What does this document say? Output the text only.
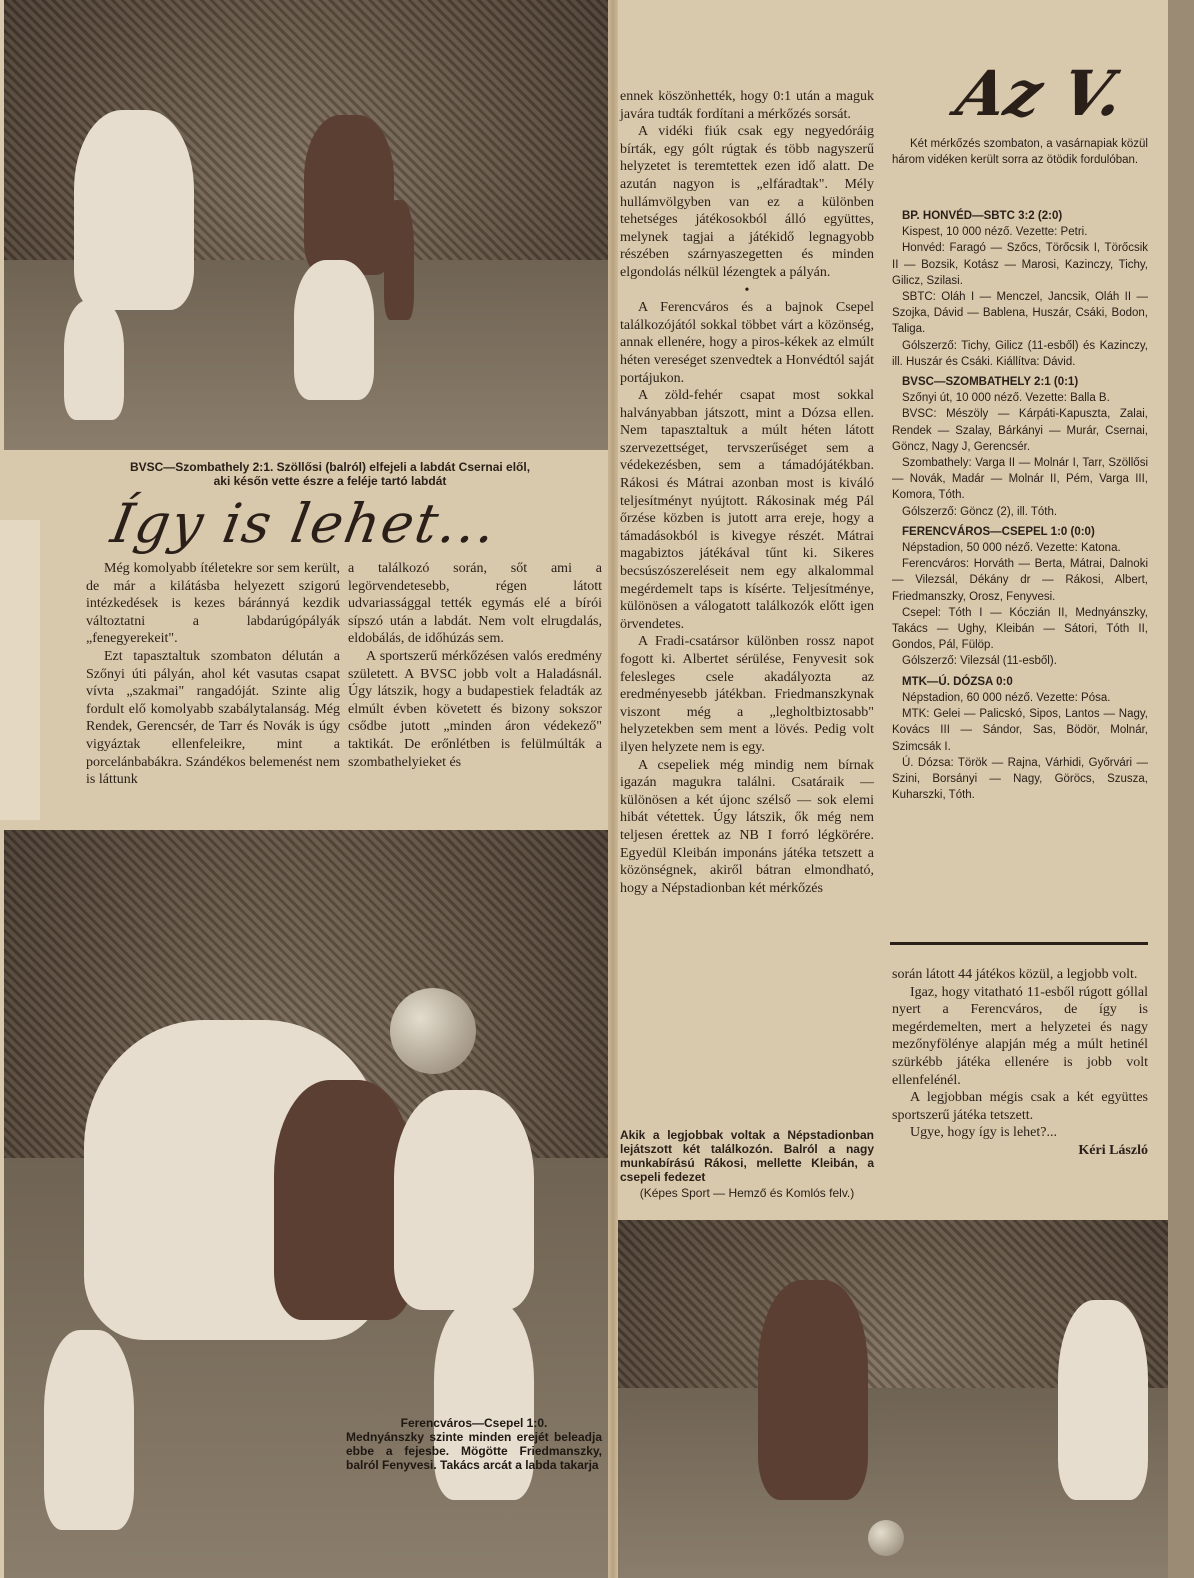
BVSC—Szombathely 2:1. Szöllősi (balról) elfejeli a labdát Csernai elől,
aki későn vette észre a feléje tartó labdát
Így is lehet...

Még komolyabb ítéletekre sor sem került, de már a kilátásba helyezett szigorú intézkedések is kezes báránnyá kezdik változtatni a labdarúgópályák „fenegyerekeit".

Ezt tapasztaltuk szombaton délután a Szőnyi úti pályán, ahol két vasutas csapat vívta „szakmai" rangadóját. Szinte alig fordult elő komolyabb szabálytalanság. Még Rendek, Gerencsér, de Tarr és Novák is úgy vigyáztak ellenfeleikre, mint a porcelánbabákra. Szándékos belemenést nem is láttunk

a találkozó során, sőt ami a legörvendetesebb, régen látott udvariassággal tették egymás elé a bírói sípszó után a labdát. Nem volt elrugdalás, eldobálás, de időhúzás sem.

A sportszerű mérkőzésen valós eredmény született. A BVSC jobb volt a Haladásnál. Úgy látszik, hogy a budapestiek feladták az elmúlt évben követett és bizony sokszor csődbe jutott „minden áron védekező" taktikát. De erőnlétben is felülmúlták a szombathelyieket és

Ferencváros—Csepel 1:0.
Mednyánszky szinte minden erejét beleadja ebbe a fejesbe. Mögötte Friedmanszky, balról Fenyvesi. Takács arcát a labda takarja

ennek köszönhették, hogy 0:1 után a maguk javára tudták fordítani a mérkőzés sorsát.

A vidéki fiúk csak egy negyedóráig bírták, egy gólt rúgtak és több nagyszerű helyzetet is teremtettek ezen idő alatt. De azután nagyon is „elfáradtak". Mély hullámvölgyben van ez a különben tehetséges játékosokból álló együttes, melynek tagjai a játékidő legnagyobb részében szárnyaszegetten és minden elgondolás nélkül lézengtek a pályán.

•

A Ferencváros és a bajnok Csepel találkozójától sokkal többet várt a közönség, annak ellenére, hogy a piros-kékek az elmúlt héten vereséget szenvedtek a Honvédtól saját portájukon.

A zöld-fehér csapat most sokkal halványabban játszott, mint a Dózsa ellen. Nem tapasztaltuk a múlt héten látott szervezettséget, tervszerűséget sem a védekezésben, sem a támadójátékban. Rákosi és Mátrai azonban most is kiváló teljesítményt nyújtott. Rákosinak még Pál őrzése közben is jutott arra ereje, hogy a támadásokból is kivegye részét. Mátrai magabiztos játékával tűnt ki. Sikeres becsúszószereléseit nem egy alkalommal megérdemelt taps is kísérte. Teljesítménye, különösen a válogatott találkozók előtt igen örvendetes.

A Fradi-csatársor különben rossz napot fogott ki. Albertet sérülése, Fenyvesit sok felesleges csele akadályozta az eredményesebb játékban. Friedmanszkynak viszont még a „legholtbiztosabb" helyzetekben sem ment a lövés. Pedig volt ilyen helyzete nem is egy.

A csepeliek még mindig nem bírnak igazán magukra találni. Csatáraik — különösen a két újonc szélső — sok elemi hibát vétettek. Úgy látszik, ők még nem teljesen érettek az NB I forró légkörére. Egyedül Kleibán imponáns játéka tetszett a közönségnek, akiről bátran elmondható, hogy a Népstadionban két mérkőzés

Akik a legjobbak voltak a Népstadionban lejátszott két találkozón. Balról a nagy munkabírású Rákosi, mellette Kleibán, a csepeli fedezet
(Képes Sport — Hemző és Komlós felv.)
Az V.

Két mérkőzés szombaton, a vasárnapiak közül három vidéken került sorra az ötödik fordulóban.

BP. HONVÉD—SBTC 3:2 (2:0)

Kispest, 10 000 néző. Vezette: Petri.

Honvéd: Faragó — Szőcs, Törőcsik I, Törőcsik II — Bozsik, Kotász — Marosi, Kazinczy, Tichy, Gilicz, Szilasi.

SBTC: Oláh I — Menczel, Jancsik, Oláh II — Szojka, Dávid — Bablena, Huszár, Csáki, Bodon, Taliga.

Gólszerző: Tichy, Gilicz (11-esből) és Kazinczy, ill. Huszár és Csáki. Kiállítva: Dávid.

BVSC—SZOMBATHELY 2:1 (0:1)

Szőnyi út, 10 000 néző. Vezette: Balla B.

BVSC: Mészöly — Kárpáti-Kapuszta, Zalai, Rendek — Szalay, Bárkányi — Murár, Csernai, Göncz, Nagy J, Gerencsér.

Szombathely: Varga II — Molnár I, Tarr, Szöllősi — Novák, Madár — Molnár II, Pém, Varga III, Komora, Tóth.

Gólszerző: Göncz (2), ill. Tóth.

FERENCVÁROS—CSEPEL 1:0 (0:0)

Népstadion, 50 000 néző. Vezette: Katona.

Ferencváros: Horváth — Berta, Mátrai, Dalnoki — Vilezsál, Dékány dr — Rákosi, Albert, Friedmanszky, Orosz, Fenyvesi.

Csepel: Tóth I — Kóczián II, Mednyánszky, Takács — Ughy, Kleibán — Sátori, Tóth II, Gondos, Pál, Fülöp.

Gólszerző: Vilezsál (11-esből).

MTK—Ú. DÓZSA 0:0

Népstadion, 60 000 néző. Vezette: Pósa.

MTK: Gelei — Palicskó, Sipos, Lantos — Nagy, Kovács III — Sándor, Sas, Bödör, Molnár, Szimcsák I.

Ú. Dózsa: Török — Rajna, Várhidi, Győrvári — Szini, Borsányi — Nagy, Göröcs, Szusza, Kuharszki, Tóth.

során látott 44 játékos közül, a legjobb volt.

Igaz, hogy vitatható 11-esből rúgott góllal nyert a Ferencváros, de így is megérdemelten, mert a helyzetei és nagy mezőnyfölénye alapján még a múlt hetinél szürkébb játéka ellenére is jobb volt ellenfelénél.

A legjobban mégis csak a két együttes sportszerű játéka tetszett.

Ugye, hogy így is lehet?...

Kéri László
